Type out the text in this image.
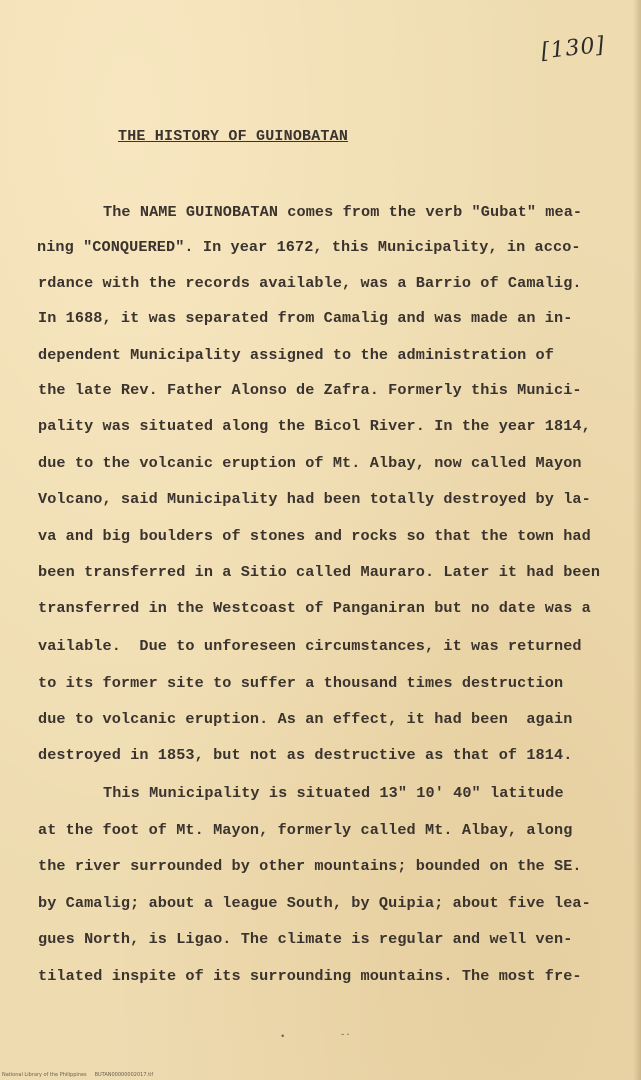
[130]
THE HISTORY OF GUINOBATAN
The NAME GUINOBATAN comes from the verb "Gubat" mea-
ning "CONQUERED". In year 1672, this Municipality, in acco-
rdance with the records available, was a Barrio of Camalig.
In 1688, it was separated from Camalig and was made an in-
dependent Municipality assigned to the administration of
the late Rev. Father Alonso de Zafra. Formerly this Munici-
pality was situated along the Bicol River. In the year 1814,
due to the volcanic eruption of Mt. Albay, now called Mayon
Volcano, said Municipality had been totally destroyed by la-
va and big boulders of stones and rocks so that the town had
been transferred in a Sitio called Mauraro. Later it had been
transferred in the Westcoast of Panganiran but no date was a
vailable.  Due to unforeseen circumstances, it was returned
to its former site to suffer a thousand times destruction
due to volcanic eruption. As an effect, it had been  again
destroyed in 1853, but not as destructive as that of 1814.
This Municipality is situated 13" 10' 40" latitude
at the foot of Mt. Mayon, formerly called Mt. Albay, along
the river surrounded by other mountains; bounded on the SE.
by Camalig; about a league South, by Quipia; about five lea-
gues North, is Ligao. The climate is regular and well ven-
tilated inspite of its surrounding mountains. The most fre-
•	-·
National Library of the Philippines     BUTAN00000002017.tif
